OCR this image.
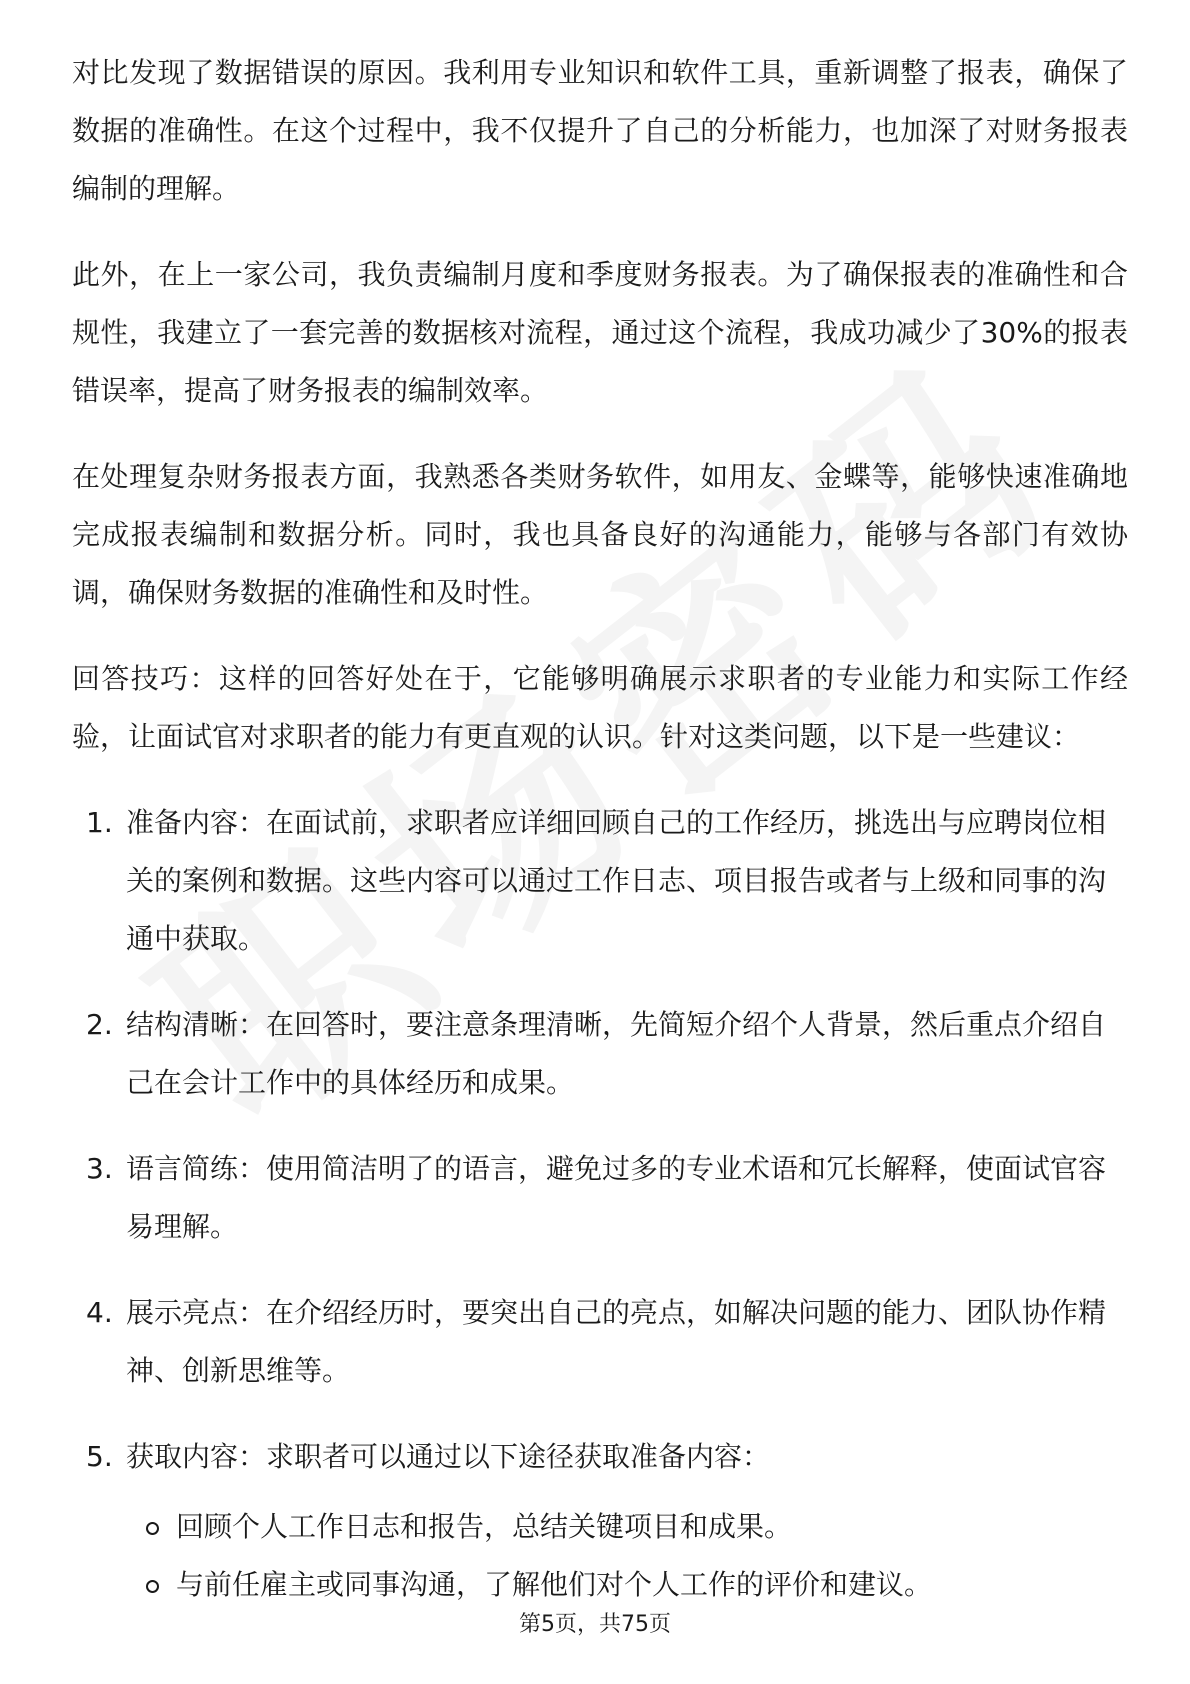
对比发现了数据错误的原因。我利用专业知识和软件工具，重新调整了报表，确保了数据的准确性。在这个过程中，我不仅提升了自己的分析能力，也加深了对财务报表编制的理解。

此外，在上一家公司，我负责编制月度和季度财务报表。为了确保报表的准确性和合规性，我建立了一套完善的数据核对流程，通过这个流程，我成功减少了30%的报表错误率，提高了财务报表的编制效率。

在处理复杂财务报表方面，我熟悉各类财务软件，如用友、金蝶等，能够快速准确地完成报表编制和数据分析。同时，我也具备良好的沟通能力，能够与各部门有效协调，确保财务数据的准确性和及时性。

回答技巧：这样的回答好处在于，它能够明确展示求职者的专业能力和实际工作经验，让面试官对求职者的能力有更直观的认识。针对这类问题，以下是一些建议：

1. 准备内容：在面试前，求职者应详细回顾自己的工作经历，挑选出与应聘岗位相关的案例和数据。这些内容可以通过工作日志、项目报告或者与上级和同事的沟通中获取。
2. 结构清晰：在回答时，要注意条理清晰，先简短介绍个人背景，然后重点介绍自己在会计工作中的具体经历和成果。
3. 语言简练：使用简洁明了的语言，避免过多的专业术语和冗长解释，使面试官容易理解。
4. 展示亮点：在介绍经历时，要突出自己的亮点，如解决问题的能力、团队协作精神、创新思维等。
5. 获取内容：求职者可以通过以下途径获取准备内容：
回顾个人工作日志和报告，总结关键项目和成果。
与前任雇主或同事沟通，了解他们对个人工作的评价和建议。
第5页，共75页
